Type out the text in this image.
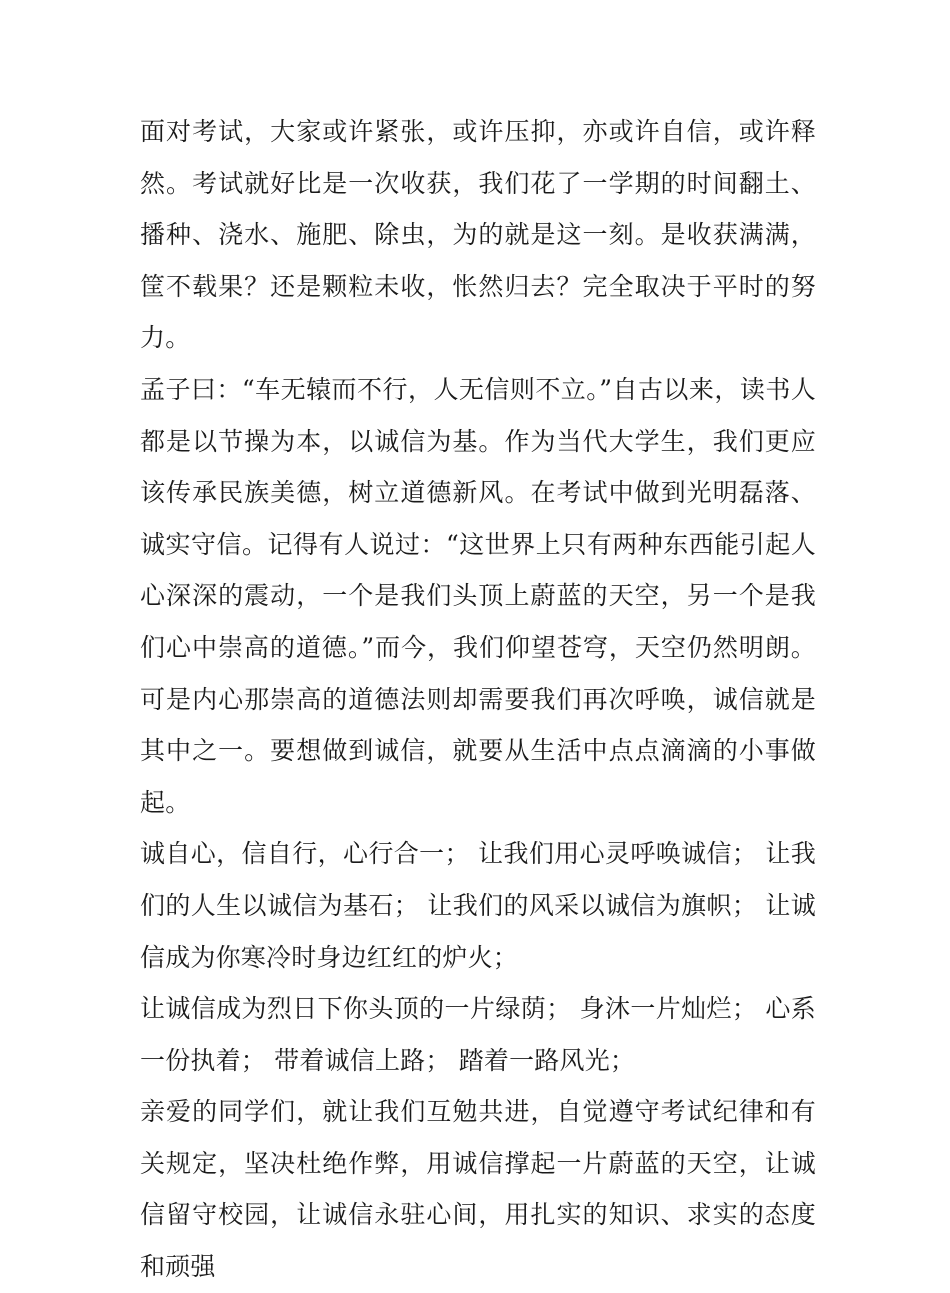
面对考试，大家或许紧张，或许压抑，亦或许自信，或许释然。考试就好比是一次收获，我们花了一学期的时间翻土、播种、浇水、施肥、除虫，为的就是这一刻。是收获满满，筐不载果？还是颗粒未收，怅然归去？完全取决于平时的努力。

孟子曰：“车无辕而不行，人无信则不立。”自古以来，读书人都是以节操为本，以诚信为基。作为当代大学生，我们更应该传承民族美德，树立道德新风。在考试中做到光明磊落、诚实守信。记得有人说过：“这世界上只有两种东西能引起人心深深的震动，一个是我们头顶上蔚蓝的天空，另一个是我们心中崇高的道德。”而今，我们仰望苍穹，天空仍然明朗。可是内心那崇高的道德法则却需要我们再次呼唤，诚信就是其中之一。要想做到诚信，就要从生活中点点滴滴的小事做起。

诚自心，信自行，心行合一； 让我们用心灵呼唤诚信； 让我们的人生以诚信为基石； 让我们的风采以诚信为旗帜； 让诚信成为你寒冷时身边红红的炉火；

让诚信成为烈日下你头顶的一片绿荫； 身沐一片灿烂； 心系一份执着； 带着诚信上路； 踏着一路风光；

亲爱的同学们，就让我们互勉共进，自觉遵守考试纪律和有关规定，坚决杜绝作弊，用诚信撑起一片蔚蓝的天空，让诚信留守校园，让诚信永驻心间，用扎实的知识、求实的态度和顽强
